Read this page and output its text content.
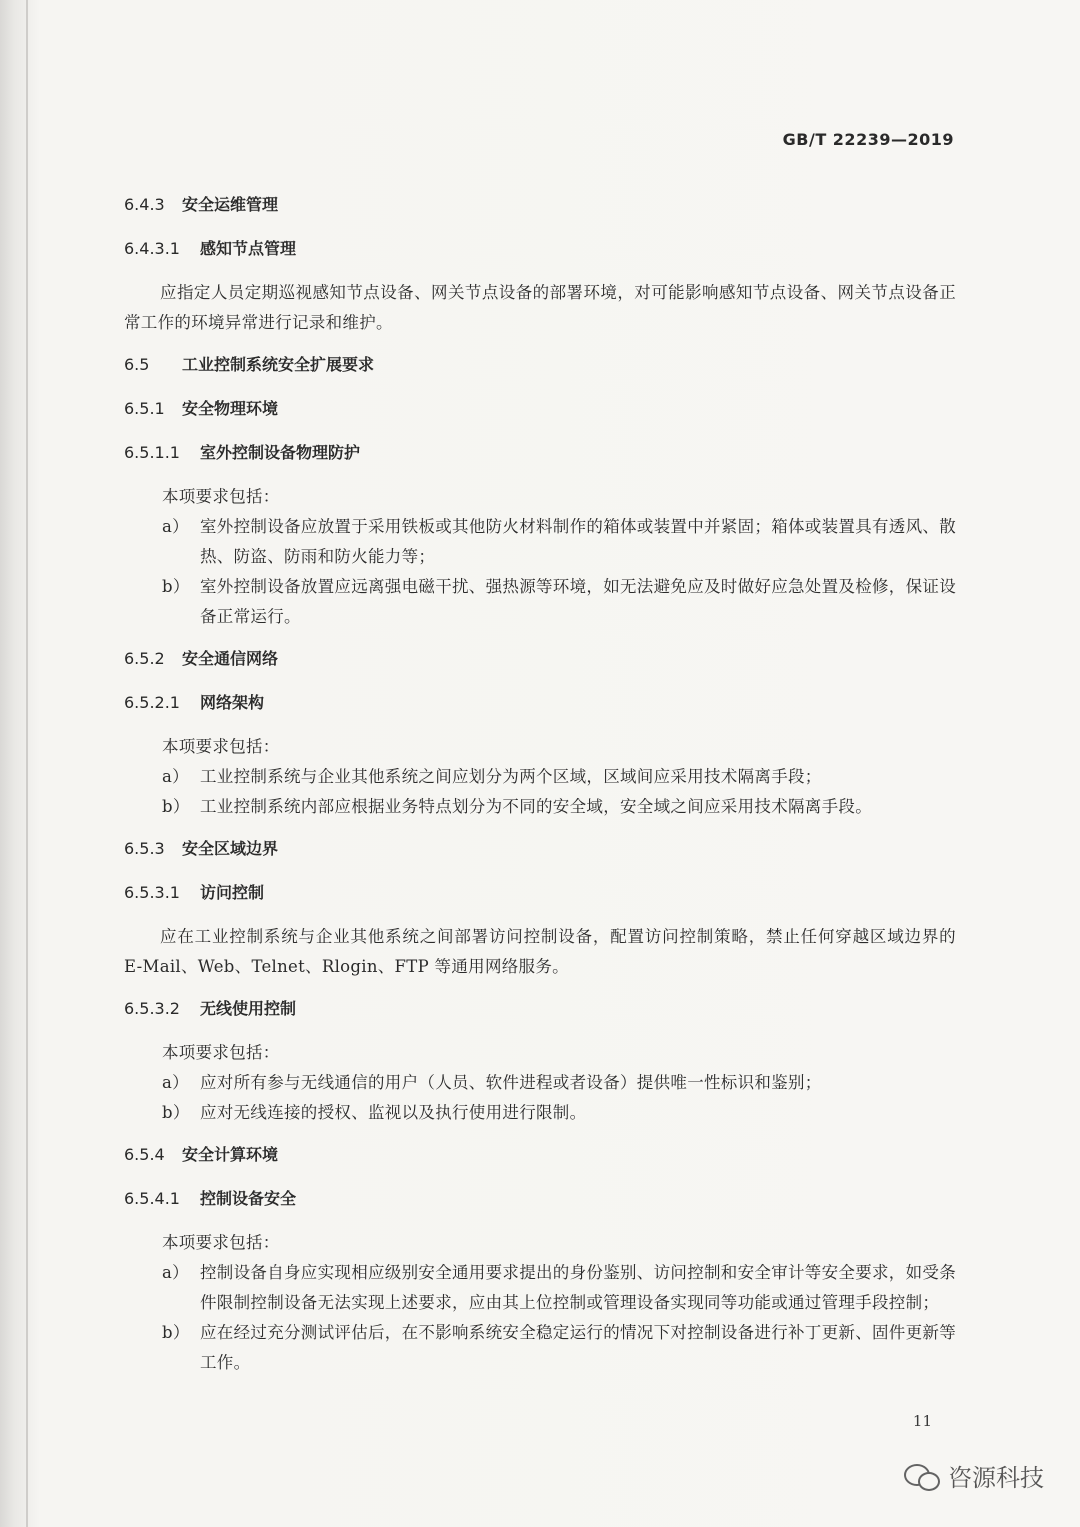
GB/T 22239—2019
6.4.3 安全运维管理
6.4.3.1 感知节点管理
应指定人员定期巡视感知节点设备、网关节点设备的部署环境，对可能影响感知节点设备、网关节点设备正常工作的环境异常进行记录和维护。
6.5 工业控制系统安全扩展要求
6.5.1 安全物理环境
6.5.1.1 室外控制设备物理防护
本项要求包括：
a） 室外控制设备应放置于采用铁板或其他防火材料制作的箱体或装置中并紧固；箱体或装置具有透风、散热、防盗、防雨和防火能力等；
b） 室外控制设备放置应远离强电磁干扰、强热源等环境，如无法避免应及时做好应急处置及检修，保证设备正常运行。
6.5.2 安全通信网络
6.5.2.1 网络架构
本项要求包括：
a） 工业控制系统与企业其他系统之间应划分为两个区域，区域间应采用技术隔离手段；
b） 工业控制系统内部应根据业务特点划分为不同的安全域，安全域之间应采用技术隔离手段。
6.5.3 安全区域边界
6.5.3.1 访问控制
应在工业控制系统与企业其他系统之间部署访问控制设备，配置访问控制策略，禁止任何穿越区域边界的 E-Mail、Web、Telnet、Rlogin、FTP 等通用网络服务。
6.5.3.2 无线使用控制
本项要求包括：
a） 应对所有参与无线通信的用户（人员、软件进程或者设备）提供唯一性标识和鉴别；
b） 应对无线连接的授权、监视以及执行使用进行限制。
6.5.4 安全计算环境
6.5.4.1 控制设备安全
本项要求包括：
a） 控制设备自身应实现相应级别安全通用要求提出的身份鉴别、访问控制和安全审计等安全要求，如受条件限制控制设备无法实现上述要求，应由其上位控制或管理设备实现同等功能或通过管理手段控制；
b） 应在经过充分测试评估后，在不影响系统安全稳定运行的情况下对控制设备进行补丁更新、固件更新等工作。
11
咨源科技
